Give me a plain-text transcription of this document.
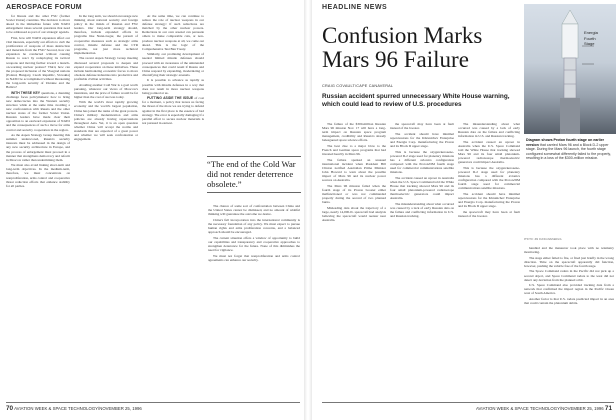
AEROSPACE FORUM

for Russia and the other FSU (former Soviet Union) countries. The decision to move ahead in the immediate future with NATO enlargement raises several questions that need to be addressed as part of our strategic agenda.

First, how will NATO expansion affect our vital interests, especially our efforts to curb the proliferation of weapons of mass destruction and materials from the FSU? Second, how can expansion be conducted without causing Russia to react by redeploying its tactical weapons and moving further toward a launch-on-warning nuclear posture? Third, how can the proposed inclusion of the Visegrad nations (Poland, Hungary, Czech Republic, Slovakia) in NATO be accomplished without threatening the long-term security of Ukraine and the Baltics?

WITH THESE KEY questions, a daunting challenge faces policymakers: how to bring new democracies into the Western security structure while at the same time avoiding a new confrontation with Russia and the other nuclear states of the former Soviet Union. Russian leaders have made clear their opposition to an eastward expansion of NATO and the consequences of such a move for arms control and security cooperation in the region.

As the Aspen Strategy Group meeting this summer underscored, Russia's security interests must be addressed in the design of any new security architecture in Europe, and the process of enlargement must proceed in a manner that strengthens democracy and reform in Moscow rather than undermining them.

We must also avoid linking short-term and long-term objectives. In the medium-term, therefore, we must concentrate on nonproliferation, arms control and cooperative threat reduction efforts that enhance stability for all parties.

In the long term, we should encourage new thinking about national security and foreign policy in the minds of Russian and FSU leaders. Our long-term strategy should, therefore, include expanded efforts in programs like Nunn-Lugar, the pursuit of cooperative measures such as strategic arms control, missile defense and the CTR programs, not just more technical implementation.

The recent Aspen Strategy Group meeting discussed several proposals to deepen and expand cooperation on these initiatives. These include harmonizing economic forces to move obsolete defense industries into productive and profitable civilian activities.

Avoiding another Cold War is a goal worth pursuing, whatever our views of Moscow's intentions, and the price of failure would be far higher than the cost of success today.

With the world's most rapidly growing economy and the world's largest population, China has joined the ranks of the great powers. China's military modernization and arms policies are already having repercussions throughout Asia. Yet, it is an open question whether China will accept the norms and standards that are expected of a great power and whether we will seek confrontation or engagement.

At the same time, we can continue to reduce the role of nuclear weapons in our defense strategy: if such reductions are matched by the other nuclear powers. Reductions in our own arsenal can persuade others to make comparable cuts, or non-produce nuclear weapons at all, we come out ahead. This is the logic of the Comprehensive Test Ban Treaty.

Similarly, our promising development of needed limited missile defenses should proceed with an awareness of the unintended consequences that could result if Russia and China respond by expanding, modernizing or diversifying their strategic arsenals.

It is possible to advance as rapidly as possible with missile defenses in a way that does not result in more nuclear weapons being pointed at us.

PUTTING ASIDE THE ISSUE of cost for a moment, a policy that leaves us facing the threat of the more we are trying to defend against in the first place is the essence of bad strategy. The error is especially damaging if a parallel effort to secure nuclear materials is not pursued in earnest.

“The end of the Cold War did not render deterrence obsolete.”

The chance of some sort of confrontation between China and the United States cannot be dismissed, and no amount of wishful thinking will guarantee the outcome we desire.

China's full incorporation into the international community is the necessary foundation of any policy. We must expect to pursue human rights and arms proliferation concerns, and a balanced approach should be encouraged.

The current situation offers a window of opportunity to build our capabilities and transparency and cooperative approaches to strengthen deterrence for the future. None of this diminishes the need for vigilance.

We must not forget that nonproliferation and arms control agreements can enhance our security.

70 AVIATION WEEK & SPACE TECHNOLOGY/NOVEMBER 25, 1996
HEADLINE NEWS
Confusion Marks
Mars 96 Failure
CRAIG COVAULT/CAPE CANAVERAL
Russian accident spurred unnecessary White House warning, which could lead to review of U.S. procedures

The failure of the $300-million Russian Mars 96 mission Nov. 17 will have a long-term impact on Russian space program management, credibility and Russia's already beleaguered space science efforts.

The best clue to a major blow to the French and German space programs that had invested heavily in Mars 96.

The failure sparked an unusual international incident when President Bill Clinton notified Australian Prime Minister John Howard to warn about the possible impact of Mars 96 and its nuclear power sources on Australia.

The Mars 96 mission failed when the fourth stage of its Proton booster either malfunctioned or was not commanded properly during the second of two planned burns.

Misleading data about the trajectory of a large, nearly 14,000-lb. spacecraft had analysts believing the spacecraft would reenter near Australia.

the spacecraft may have been at fault instead of the booster.

The accident should have minimal repercussions for the Khrunichev Enterprise and Energia Corp. manufacturing the Proton and its Block D upper stage.

This is because the oxygen/kerosene-powered D-2 stage used for planetary missions has a different avionics configuration compared with the Proton/DM fourth stage used for commercial communications satellite missions.

The accident caused an uproar in Australia when the U.S. Space Command told the White House that tracking showed Mars 96 and its four small plutonium-powered radioisotope thermoelectric generators could impact Australia.

The misunderstanding about what occurred was caused by a lack of early Russian data on the failure and conflicting information in U.S. and Russian tracking.

handled and the maneuver took place with no telemetry monitoring.

The stage either failed to fire, or fired just briefly in the wrong direction. Time on the spacecraft apparently did function, however, pushing the vehicle free of the fourth stage.

The Space Command radars in the Pacific did not pick up a second object, and Space Command radars to the west did not detect any deviation from the planned orbit.

U.S. Space Command also provided tracking data from a network that confirmed the impact region in the Pacific Ocean west of South America.

Another factor is that U.S. radars predicted impact in an area that could contain the plutonium debris.

The misunderstanding about what occurred was caused by a lack of early Russian data on the failure and conflicting information in U.S. and Russian tracking.

The accident caused an uproar in Australia when the U.S. Space Command told the White House that tracking showed Mars 96 and its four small plutonium-powered radioisotope thermoelectric generators could impact Australia.

This is because the oxygen/kerosene-powered D-2 stage used for planetary missions has a different avionics configuration compared with the Proton/DM fourth stage used for commercial communications satellite missions.

The accident should have minimal repercussions for the Khrunichev Enterprise and Energia Corp. manufacturing the Proton and its Block D upper stage.

the spacecraft may have been at fault instead of the booster.

Energia
Fourth
Stage
Diagram shows Proton fourth stage on earlier version that carried Mars 96 and a Block D-2 upper stage. During the Mars 96 launch, the fourth stage configured somewhat differently failed to fire properly, resulting in a loss of the $300-million mission.
PHOTO: JIM DUNCAN/ENERGIA
AVIATION WEEK & SPACE TECHNOLOGY/NOVEMBER 25, 1996 71
